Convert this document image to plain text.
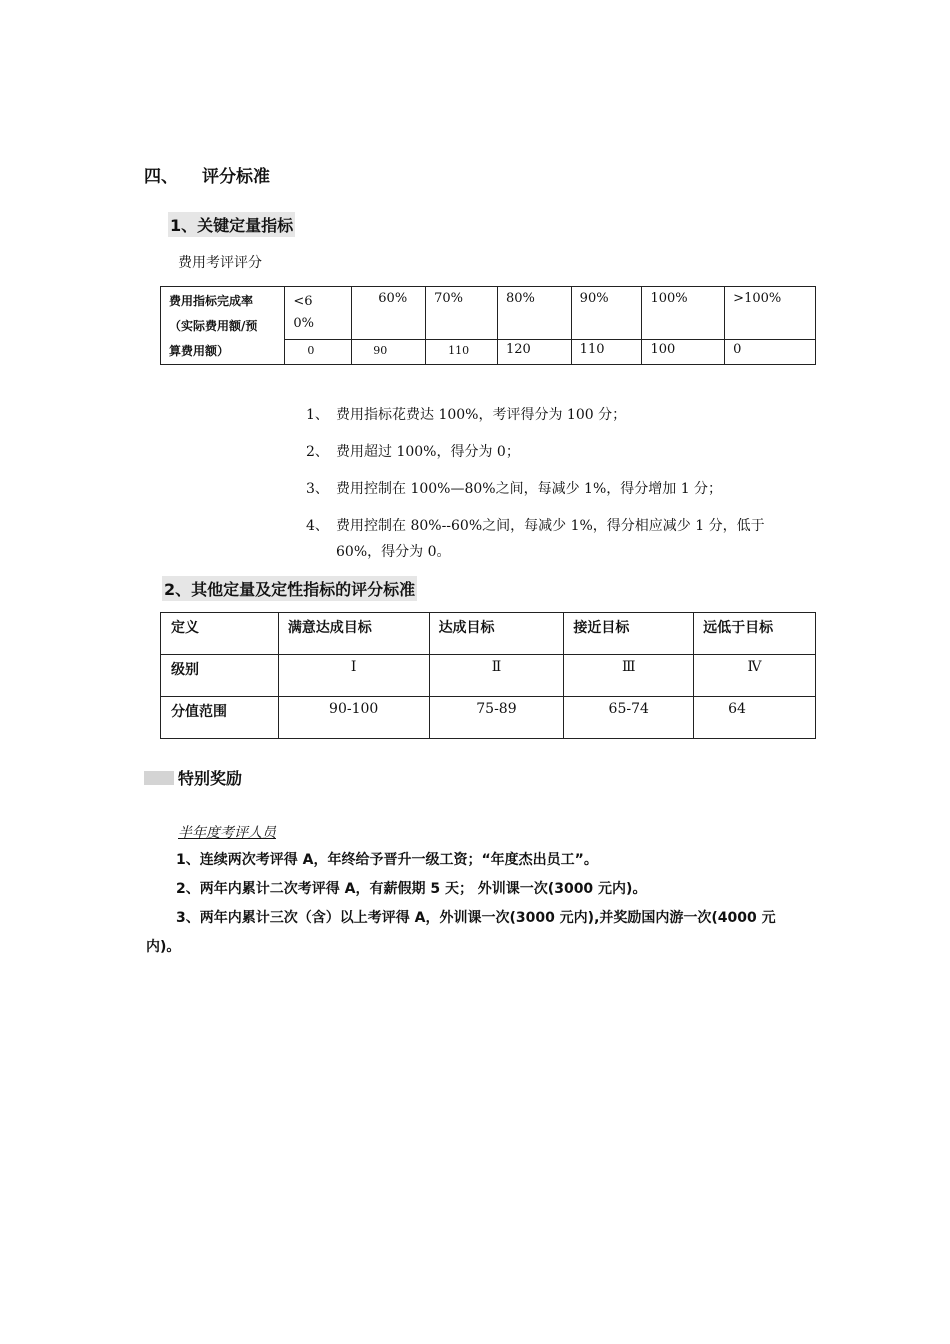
四、 评分标准
1、关键定量指标
费用考评评分
费用指标完成率
（实际费用额/预
算费用额）	<60%	60%	70%	80%	90%	100%	>100%
	0	90	110	120	110	100	0
1、 费用指标花费达 100%，考评得分为 100 分；
2、 费用超过 100%，得分为 0；
3、 费用控制在 100%—80%之间，每减少 1%，得分增加 1 分；
4、 费用控制在 80%--60%之间，每减少 1%，得分相应减少 1 分，低于 60%，得分为 0。
2、其他定量及定性指标的评分标准
定义	满意达成目标	达成目标	接近目标	远低于目标
级别	Ⅰ	Ⅱ	Ⅲ	Ⅳ
分值范围	90-100	75-89	65-74	64
特别奖励
半年度考评人员

1、连续两次考评得 A，年终给予晋升一级工资；“年度杰出员工”。

2、两年内累计二次考评得 A，有薪假期 5 天； 外训课一次(3000 元内)。

3、两年内累计三次（含）以上考评得 A，外训课一次(3000 元内),并奖励国内游一次(4000 元内)。
